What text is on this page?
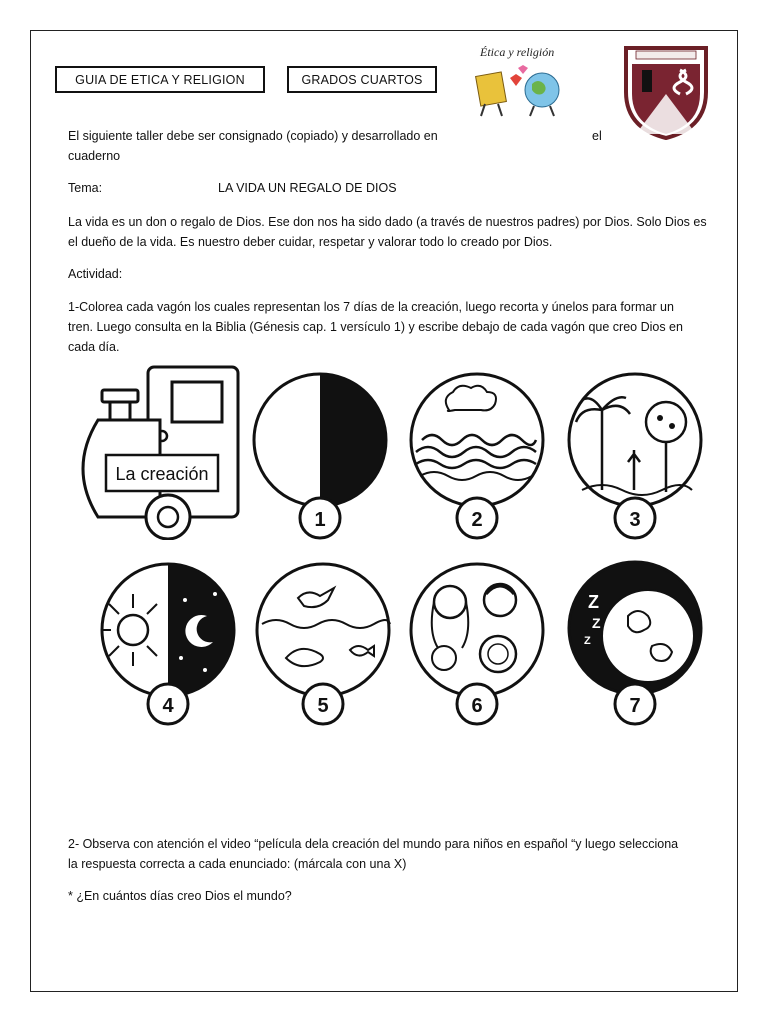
GUIA DE ETICA Y RELIGION	GRADOS CUARTOS
Ética y religión
El siguiente taller debe ser consignado (copiado) y desarrollado en	el
cuaderno
Tema:	LA VIDA UN REGALO DE DIOS
La vida es un don o regalo de Dios. Ese don nos ha sido dado (a través de nuestros padres) por Dios. Solo Dios es
el dueño de la vida. Es nuestro deber cuidar, respetar y valorar todo lo creado por Dios.
Actividad:
1-Colorea cada vagón los cuales representan los 7 días de la creación, luego recorta y únelos para formar un
tren. Luego consulta en la Biblia (Génesis cap. 1 versículo 1) y escribe debajo de cada vagón que creo Dios en
cada día.
La creación
1	2	3
4	5	6
Z
Z
Z
7
2- Observa con atención el video “película dela creación del mundo para niños en español “y luego selecciona
la respuesta correcta a cada enunciado: (márcala con una X)
* ¿En cuántos días creo Dios el mundo?
